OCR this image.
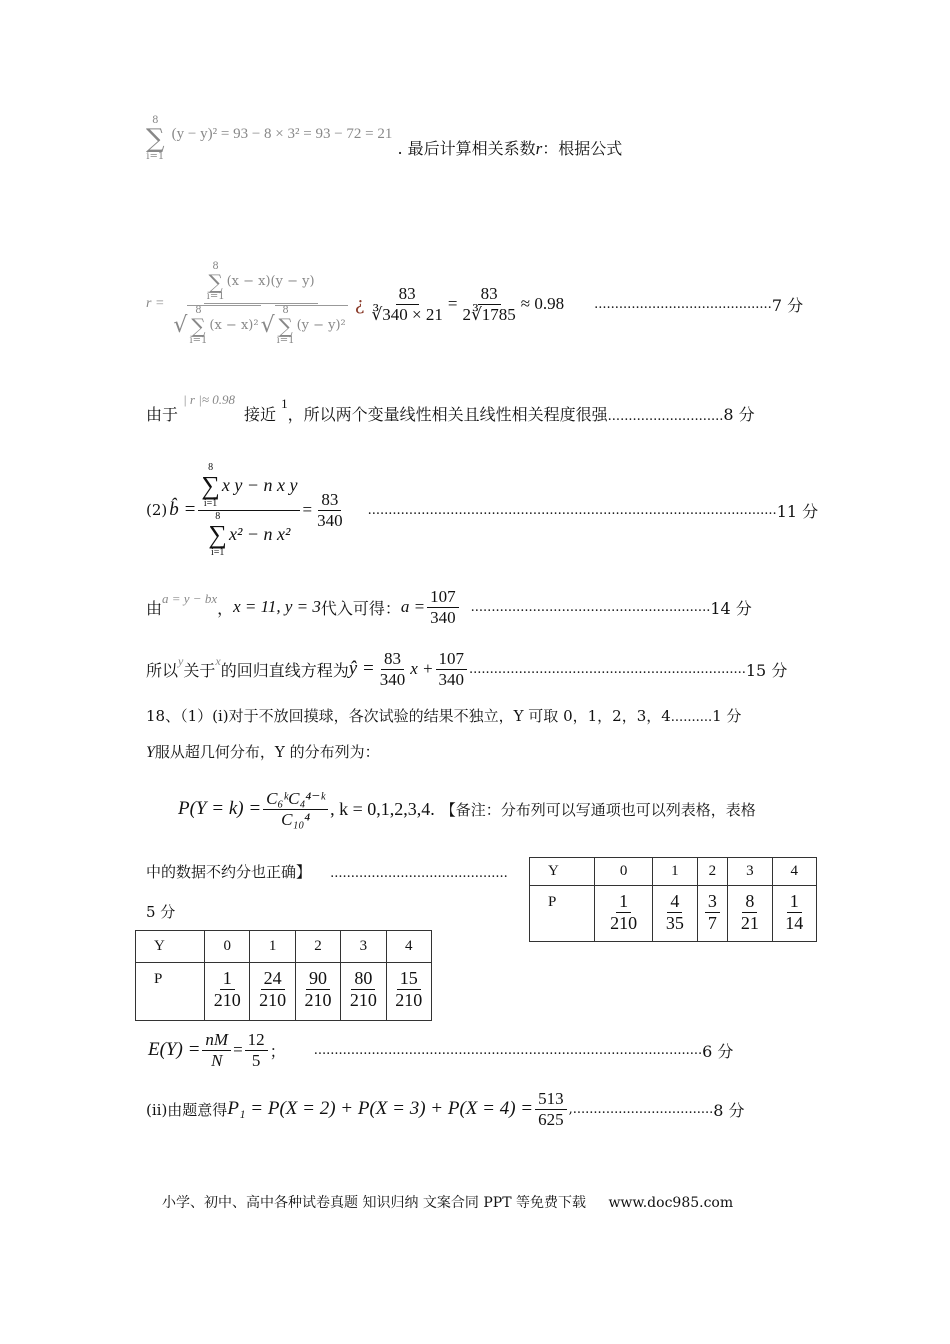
8
∑
i=1
(y − y)² = 93 − 8 × 3² = 93 − 72 = 21 . 最后计算相关系数r：根据公式
r =
8
∑
i=1
(x − x)(y − y)
√
8
∑
i=1
(x − x)² √
8
∑
i=1
(y − y)²
¿ $\frac{83}{∛340 \times 21} = \frac{83}{2∛1785} \approx 0.98$ ........................................... 7 分
由于 | r |≈ 0.98 接近 1，所以两个变量线性相关且线性相关程度很强$_{............................}$8 分
(2) b̂ = 8
∑
i=1
x y − n x y
8
∑
i=1
x² − n $x^2 = \frac{83}{340}$ ................................................................................................... 11 分
由 a = y − bx ， x = 11, y = 3 代入可得： $a = \frac{107}{340}$ .......................................................... 14 分
所以 y 关于 x 的回归直线方程为 ŷ = $\frac{83}{340}$ $x + \frac{107}{340}$ ................................................................... 15 分
18、（1）(ⅰ)对于不放回摸球，各次试验的结果不独立，Y 可取 0，1，2，3，4..........1 分
Y服从超几何分布，Y 的分布列为：
$P(Y = k) = \frac{\text{C₆ᵏC₄⁴⁻ᵏ}}{\text{C₁₀⁴}}$ , k = 0,1,2,3,4. 【备注：分布列可以写通项也可以列表格，表格
中的数据不约分也正确】 ...........................................
5 分
Y	0	1	2	3	4
P	$\frac{1}{210}$	$\frac{4}{35}$	$\frac{3}{7}$	$\frac{8}{21}$	$\frac{1}{14}$
Y	0	1	2	3	4
P	$\frac{1}{210}$	$\frac{24}{210}$	$\frac{90}{210}$	$\frac{80}{210}$	$\frac{15}{210}$
$E(Y) = \frac{nM}{N} = \frac{12}{5}$ ； .............................................................................................. 6 分
(ⅱ)由题意得 $P_1 = P(X = 2) + P(X = 3) + P(X = 4) = \frac{513}{625}$ ,.................................. 8 分
小学、初中、高中各种试卷真题 知识归纳 文案合同 PPT 等免费下载 www.doc985.com
